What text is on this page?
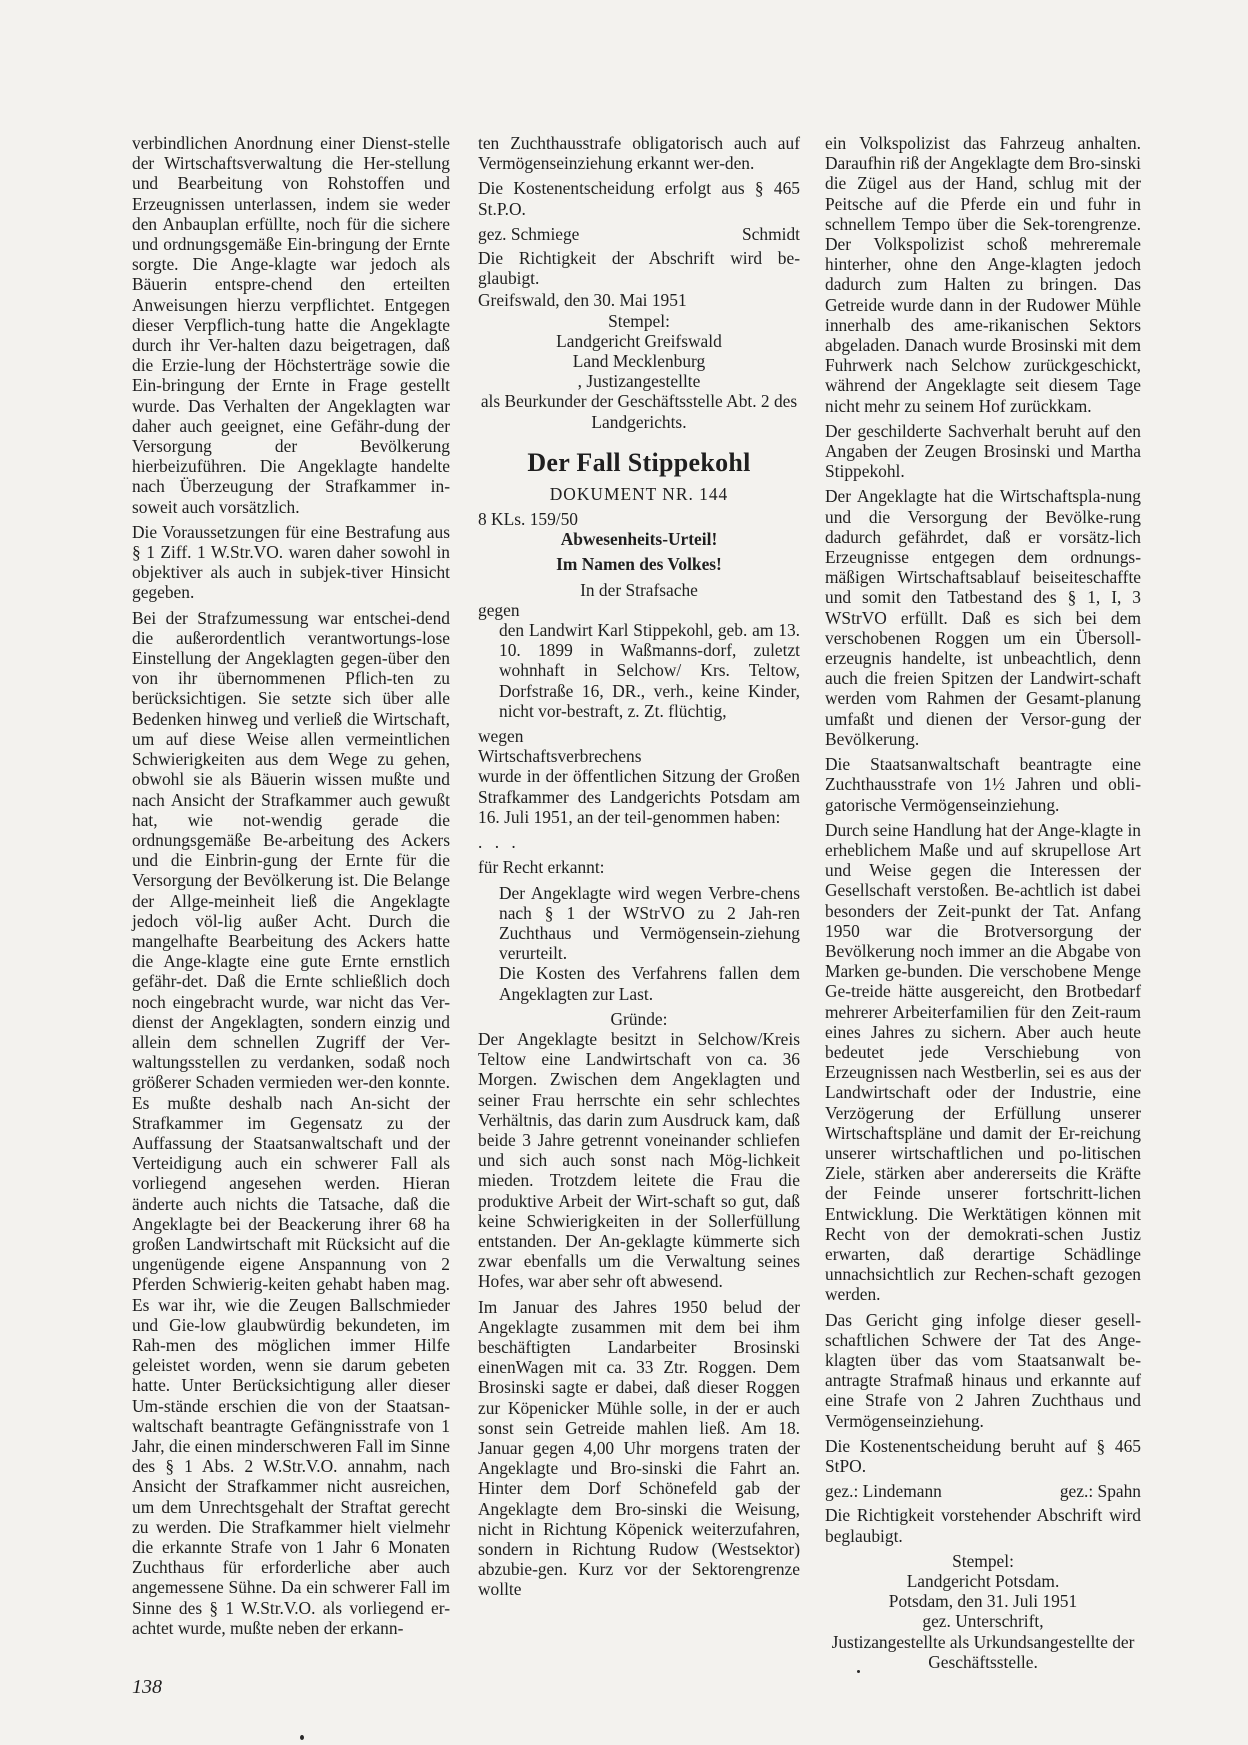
verbindlichen Anordnung einer Dienst-stelle der Wirtschaftsverwaltung die Her-stellung und Bearbeitung von Rohstoffen und Erzeugnissen unterlassen, indem sie weder den Anbauplan erfüllte, noch für die sichere und ordnungsgemäße Ein-bringung der Ernte sorgte. Die Ange-klagte war jedoch als Bäuerin entspre-chend den erteilten Anweisungen hierzu verpflichtet. Entgegen dieser Verpflich-tung hatte die Angeklagte durch ihr Ver-halten dazu beigetragen, daß die Erzie-lung der Höchsterträge sowie die Ein-bringung der Ernte in Frage gestellt wurde. Das Verhalten der Angeklagten war daher auch geeignet, eine Gefähr-dung der Versorgung der Bevölkerung hierbeizuführen. Die Angeklagte handelte nach Überzeugung der Strafkammer in-soweit auch vorsätzlich.

Die Voraussetzungen für eine Bestrafung aus § 1 Ziff. 1 W.Str.VO. waren daher sowohl in objektiver als auch in subjek-tiver Hinsicht gegeben.

Bei der Strafzumessung war entschei-dend die außerordentlich verantwortungs-lose Einstellung der Angeklagten gegen-über den von ihr übernommenen Pflich-ten zu berücksichtigen. Sie setzte sich über alle Bedenken hinweg und verließ die Wirtschaft, um auf diese Weise allen vermeintlichen Schwierigkeiten aus dem Wege zu gehen, obwohl sie als Bäuerin wissen mußte und nach Ansicht der Strafkammer auch gewußt hat, wie not-wendig gerade die ordnungsgemäße Be-arbeitung des Ackers und die Einbrin-gung der Ernte für die Versorgung der Bevölkerung ist. Die Belange der Allge-meinheit ließ die Angeklagte jedoch völ-lig außer Acht. Durch die mangelhafte Bearbeitung des Ackers hatte die Ange-klagte eine gute Ernte ernstlich gefähr-det. Daß die Ernte schließlich doch noch eingebracht wurde, war nicht das Ver-dienst der Angeklagten, sondern einzig und allein dem schnellen Zugriff der Ver-waltungsstellen zu verdanken, sodaß noch größerer Schaden vermieden wer-den konnte. Es mußte deshalb nach An-sicht der Strafkammer im Gegensatz zu der Auffassung der Staatsanwaltschaft und der Verteidigung auch ein schwerer Fall als vorliegend angesehen werden. Hieran änderte auch nichts die Tatsache, daß die Angeklagte bei der Beackerung ihrer 68 ha großen Landwirtschaft mit Rücksicht auf die ungenügende eigene Anspannung von 2 Pferden Schwierig-keiten gehabt haben mag. Es war ihr, wie die Zeugen Ballschmieder und Gie-low glaubwürdig bekundeten, im Rah-men des möglichen immer Hilfe geleistet worden, wenn sie darum gebeten hatte. Unter Berücksichtigung aller dieser Um-stände erschien die von der Staatsan-waltschaft beantragte Gefängnisstrafe von 1 Jahr, die einen minderschweren Fall im Sinne des § 1 Abs. 2 W.Str.V.O. annahm, nach Ansicht der Strafkammer nicht ausreichen, um dem Unrechtsgehalt der Straftat gerecht zu werden. Die Strafkammer hielt vielmehr die erkannte Strafe von 1 Jahr 6 Monaten Zuchthaus für erforderliche aber auch angemessene Sühne. Da ein schwerer Fall im Sinne des § 1 W.Str.V.O. als vorliegend er-achtet wurde, mußte neben der erkann-

ten Zuchthausstrafe obligatorisch auch auf Vermögenseinziehung erkannt wer-den.

Die Kostenentscheidung erfolgt aus § 465 St.P.O.

gez. Schmiege	Schmidt

Die Richtigkeit der Abschrift wird be-glaubigt.

Greifswald, den 30. Mai 1951

Stempel:

Landgericht Greifswald

Land Mecklenburg

, Justizangestellte

als Beurkunder der Geschäftsstelle Abt. 2 des Landgerichts.

Der Fall Stippekohl

DOKUMENT NR. 144

8 KLs. 159/50

Abwesenheits-Urteil!

Im Namen des Volkes!

In der Strafsache

gegen

den Landwirt Karl Stippekohl, geb. am 13. 10. 1899 in Waßmanns-dorf, zuletzt wohnhaft in Selchow/ Krs. Teltow, Dorfstraße 16, DR., verh., keine Kinder, nicht vor-bestraft, z. Zt. flüchtig,

wegen

Wirtschaftsverbrechens

wurde in der öffentlichen Sitzung der Großen Strafkammer des Landgerichts Potsdam am 16. Juli 1951, an der teil-genommen haben:

. . .

für Recht erkannt:

Der Angeklagte wird wegen Verbre-chens nach § 1 der WStrVO zu 2 Jah-ren Zuchthaus und Vermögensein-ziehung verurteilt.

Die Kosten des Verfahrens fallen dem Angeklagten zur Last.

Gründe:

Der Angeklagte besitzt in Selchow/Kreis Teltow eine Landwirtschaft von ca. 36 Morgen. Zwischen dem Angeklagten und seiner Frau herrschte ein sehr schlechtes Verhältnis, das darin zum Ausdruck kam, daß beide 3 Jahre getrennt voneinander schliefen und sich auch sonst nach Mög-lichkeit mieden. Trotzdem leitete die Frau die produktive Arbeit der Wirt-schaft so gut, daß keine Schwierigkeiten in der Sollerfüllung entstanden. Der An-geklagte kümmerte sich zwar ebenfalls um die Verwaltung seines Hofes, war aber sehr oft abwesend.

Im Januar des Jahres 1950 belud der Angeklagte zusammen mit dem bei ihm beschäftigten Landarbeiter Brosinski einenWagen mit ca. 33 Ztr. Roggen. Dem Brosinski sagte er dabei, daß dieser Roggen zur Köpenicker Mühle solle, in der er auch sonst sein Getreide mahlen ließ. Am 18. Januar gegen 4,00 Uhr morgens traten der Angeklagte und Bro-sinski die Fahrt an. Hinter dem Dorf Schönefeld gab der Angeklagte dem Bro-sinski die Weisung, nicht in Richtung Köpenick weiterzufahren, sondern in Richtung Rudow (Westsektor) abzubie-gen. Kurz vor der Sektorengrenze wollte

ein Volkspolizist das Fahrzeug anhalten. Daraufhin riß der Angeklagte dem Bro-sinski die Zügel aus der Hand, schlug mit der Peitsche auf die Pferde ein und fuhr in schnellem Tempo über die Sek-torengrenze. Der Volkspolizist schoß mehreremale hinterher, ohne den Ange-klagten jedoch dadurch zum Halten zu bringen. Das Getreide wurde dann in der Rudower Mühle innerhalb des ame-rikanischen Sektors abgeladen. Danach wurde Brosinski mit dem Fuhrwerk nach Selchow zurückgeschickt, während der Angeklagte seit diesem Tage nicht mehr zu seinem Hof zurückkam.

Der geschilderte Sachverhalt beruht auf den Angaben der Zeugen Brosinski und Martha Stippekohl.

Der Angeklagte hat die Wirtschaftspla-nung und die Versorgung der Bevölke-rung dadurch gefährdet, daß er vorsätz-lich Erzeugnisse entgegen dem ordnungs-mäßigen Wirtschaftsablauf beiseiteschaffte und somit den Tatbestand des § 1, I, 3 WStrVO erfüllt. Daß es sich bei dem verschobenen Roggen um ein Übersoll-erzeugnis handelte, ist unbeachtlich, denn auch die freien Spitzen der Landwirt-schaft werden vom Rahmen der Gesamt-planung umfaßt und dienen der Versor-gung der Bevölkerung.

Die Staatsanwaltschaft beantragte eine Zuchthausstrafe von 1½ Jahren und obli-gatorische Vermögenseinziehung.

Durch seine Handlung hat der Ange-klagte in erheblichem Maße und auf skrupellose Art und Weise gegen die Interessen der Gesellschaft verstoßen. Be-achtlich ist dabei besonders der Zeit-punkt der Tat. Anfang 1950 war die Brotversorgung der Bevölkerung noch immer an die Abgabe von Marken ge-bunden. Die verschobene Menge Ge-treide hätte ausgereicht, den Brotbedarf mehrerer Arbeiterfamilien für den Zeit-raum eines Jahres zu sichern. Aber auch heute bedeutet jede Verschiebung von Erzeugnissen nach Westberlin, sei es aus der Landwirtschaft oder der Industrie, eine Verzögerung der Erfüllung unserer Wirtschaftspläne und damit der Er-reichung unserer wirtschaftlichen und po-litischen Ziele, stärken aber andererseits die Kräfte der Feinde unserer fortschritt-lichen Entwicklung. Die Werktätigen können mit Recht von der demokrati-schen Justiz erwarten, daß derartige Schädlinge unnachsichtlich zur Rechen-schaft gezogen werden.

Das Gericht ging infolge dieser gesell-schaftlichen Schwere der Tat des Ange-klagten über das vom Staatsanwalt be-antragte Strafmaß hinaus und erkannte auf eine Strafe von 2 Jahren Zuchthaus und Vermögenseinziehung.

Die Kostenentscheidung beruht auf § 465 StPO.

gez.: Lindemann	gez.: Spahn

Die Richtigkeit vorstehender Abschrift wird beglaubigt.

Stempel:

Landgericht Potsdam.

Potsdam, den 31. Juli 1951

gez. Unterschrift,

Justizangestellte als Urkundsangestellte der Geschäftsstelle.

138
